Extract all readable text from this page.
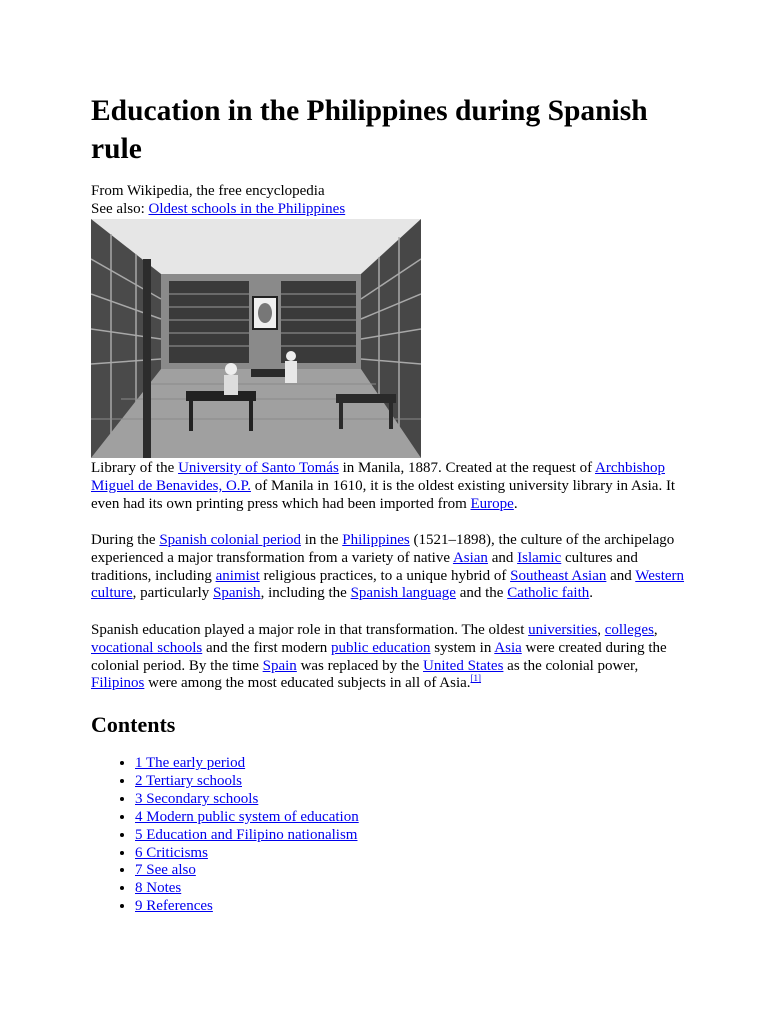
Education in the Philippines during Spanish rule
From Wikipedia, the free encyclopedia
See also: Oldest schools in the Philippines
Library of the University of Santo Tomás in Manila, 1887. Created at the request of Archbishop Miguel de Benavides, O.P. of Manila in 1610, it is the oldest existing university library in Asia. It even had its own printing press which had been imported from Europe.
During the Spanish colonial period in the Philippines (1521–1898), the culture of the archipelago experienced a major transformation from a variety of native Asian and Islamic cultures and traditions, including animist religious practices, to a unique hybrid of Southeast Asian and Western culture, particularly Spanish, including the Spanish language and the Catholic faith.
Spanish education played a major role in that transformation. The oldest universities, colleges, vocational schools and the first modern public education system in Asia were created during the colonial period. By the time Spain was replaced by the United States as the colonial power, Filipinos were among the most educated subjects in all of Asia.[1]
Contents
• 1 The early period
• 2 Tertiary schools
• 3 Secondary schools
• 4 Modern public system of education
• 5 Education and Filipino nationalism
• 6 Criticisms
• 7 See also
• 8 Notes
• 9 References
